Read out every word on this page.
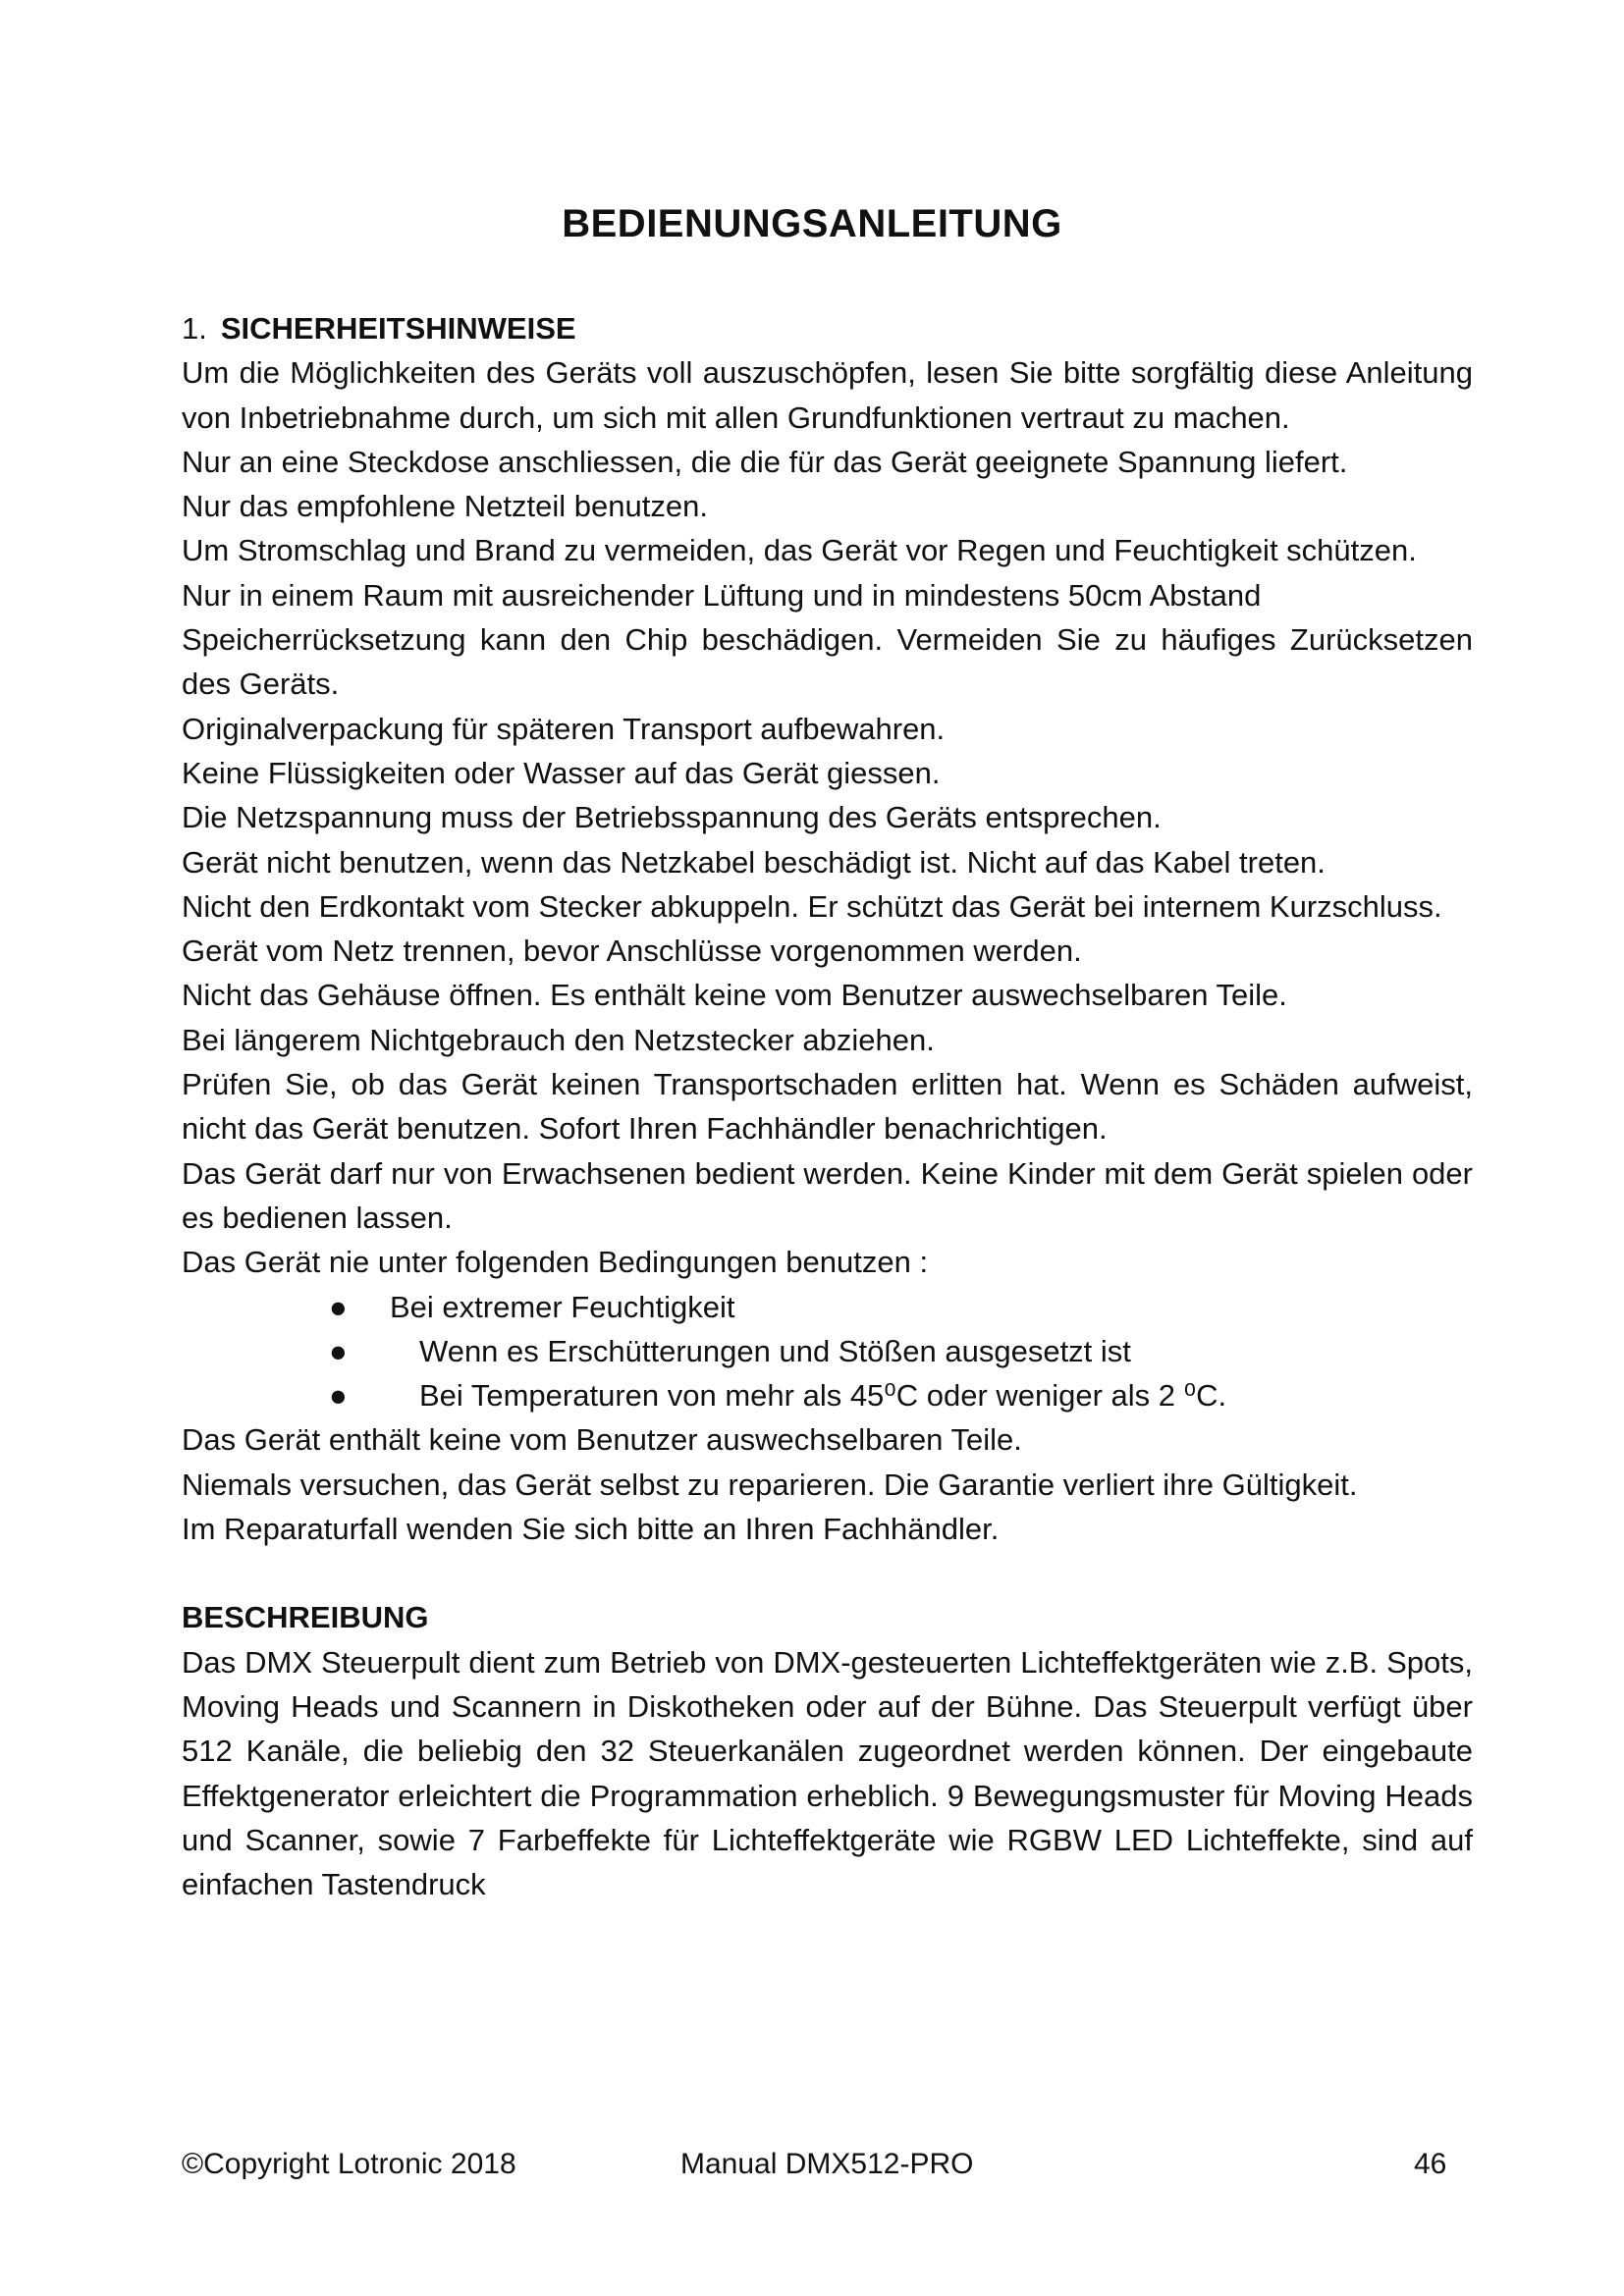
BEDIENUNGSANLEITUNG

1. SICHERHEITSHINWEISE

Um die Möglichkeiten des Geräts voll auszuschöpfen, lesen Sie bitte sorgfältig diese Anleitung von Inbetriebnahme durch, um sich mit allen Grundfunktionen vertraut zu machen.

Nur an eine Steckdose anschliessen, die die für das Gerät geeignete Spannung liefert.

Nur das empfohlene Netzteil benutzen.

Um Stromschlag und Brand zu vermeiden, das Gerät vor Regen und Feuchtigkeit schützen.

Nur in einem Raum mit ausreichender Lüftung und in mindestens 50cm Abstand

Speicherrücksetzung kann den Chip beschädigen. Vermeiden Sie zu häufiges Zurücksetzen des Geräts.

Originalverpackung für späteren Transport aufbewahren.

Keine Flüssigkeiten oder Wasser auf das Gerät giessen.

Die Netzspannung muss der Betriebsspannung des Geräts entsprechen.

Gerät nicht benutzen, wenn das Netzkabel beschädigt ist. Nicht auf das Kabel treten.

Nicht den Erdkontakt vom Stecker abkuppeln. Er schützt das Gerät bei internem Kurzschluss.

Gerät vom Netz trennen, bevor Anschlüsse vorgenommen werden.

Nicht das Gehäuse öffnen. Es enthält keine vom Benutzer auswechselbaren Teile.

Bei längerem Nichtgebrauch den Netzstecker abziehen.

Prüfen Sie, ob das Gerät keinen Transportschaden erlitten hat. Wenn es Schäden aufweist, nicht das Gerät benutzen. Sofort Ihren Fachhändler benachrichtigen.

Das Gerät darf nur von Erwachsenen bedient werden. Keine Kinder mit dem Gerät spielen oder es bedienen lassen.

Das Gerät nie unter folgenden Bedingungen benutzen :

● Bei extremer Feuchtigkeit
● Wenn es Erschütterungen und Stößen ausgesetzt ist
● Bei Temperaturen von mehr als 45⁰C oder weniger als 2 ⁰C.

Das Gerät enthält keine vom Benutzer auswechselbaren Teile.

Niemals versuchen, das Gerät selbst zu reparieren. Die Garantie verliert ihre Gültigkeit.

Im Reparaturfall wenden Sie sich bitte an Ihren Fachhändler.

BESCHREIBUNG

Das DMX Steuerpult dient zum Betrieb von DMX-gesteuerten Lichteffektgeräten wie z.B. Spots, Moving Heads und Scannern in Diskotheken oder auf der Bühne. Das Steuerpult verfügt über 512 Kanäle, die beliebig den 32 Steuerkanälen zugeordnet werden können. Der eingebaute Effektgenerator erleichtert die Programmation erheblich. 9 Bewegungsmuster für Moving Heads und Scanner, sowie 7 Farbeffekte für Lichteffektgeräte wie RGBW LED Lichteffekte, sind auf einfachen Tastendruck

©Copyright Lotronic 2018	Manual DMX512-PRO	46
